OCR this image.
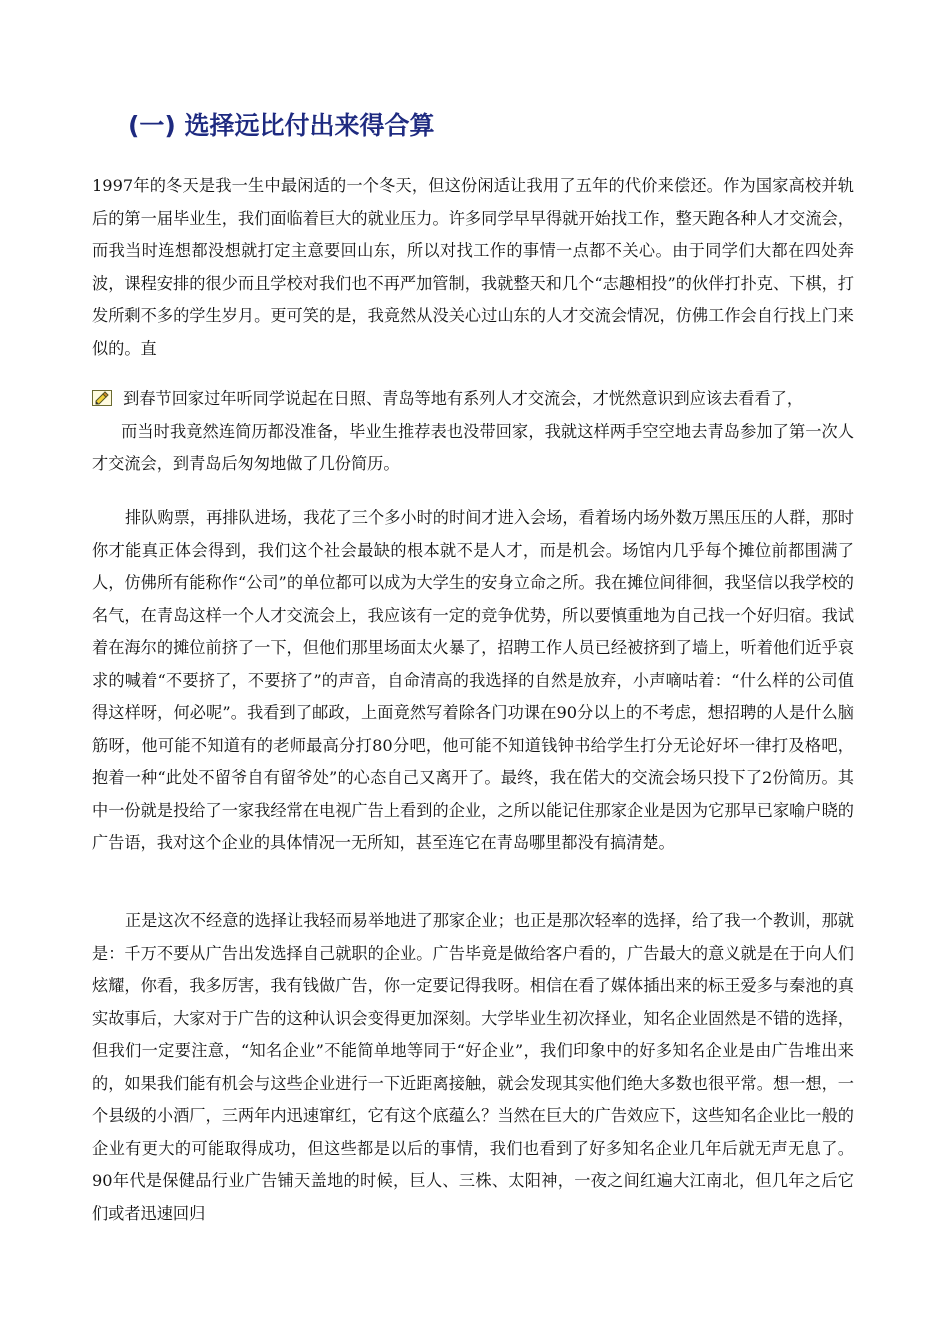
(一) 选择远比付出来得合算

1997年的冬天是我一生中最闲适的一个冬天，但这份闲适让我用了五年的代价来偿还。作为国家高校并轨后的第一届毕业生，我们面临着巨大的就业压力。许多同学早早得就开始找工作，整天跑各种人才交流会，而我当时连想都没想就打定主意要回山东，所以对找工作的事情一点都不关心。由于同学们大都在四处奔波，课程安排的很少而且学校对我们也不再严加管制，我就整天和几个“志趣相投”的伙伴打扑克、下棋，打发所剩不多的学生岁月。更可笑的是，我竟然从没关心过山东的人才交流会情况，仿佛工作会自行找上门来似的。直

到春节回家过年听同学说起在日照、青岛等地有系列人才交流会，才恍然意识到应该去看看了，
而当时我竟然连简历都没准备，毕业生推荐表也没带回家，我就这样两手空空地去青岛参加了第一次人才交流会，到青岛后匆匆地做了几份简历。

排队购票，再排队进场，我花了三个多小时的时间才进入会场，看着场内场外数万黑压压的人群，那时你才能真正体会得到，我们这个社会最缺的根本就不是人才，而是机会。场馆内几乎每个摊位前都围满了人，仿佛所有能称作“公司”的单位都可以成为大学生的安身立命之所。我在摊位间徘徊，我坚信以我学校的名气，在青岛这样一个人才交流会上，我应该有一定的竞争优势，所以要慎重地为自己找一个好归宿。我试着在海尔的摊位前挤了一下，但他们那里场面太火暴了，招聘工作人员已经被挤到了墙上，听着他们近乎哀求的喊着“不要挤了，不要挤了”的声音，自命清高的我选择的自然是放弃，小声嘀咕着：“什么样的公司值得这样呀，何必呢”。我看到了邮政，上面竟然写着除各门功课在90分以上的不考虑，想招聘的人是什么脑筋呀，他可能不知道有的老师最高分打80分吧，他可能不知道钱钟书给学生打分无论好坏一律打及格吧，抱着一种“此处不留爷自有留爷处”的心态自己又离开了。最终，我在偌大的交流会场只投下了2份简历。其中一份就是投给了一家我经常在电视广告上看到的企业，之所以能记住那家企业是因为它那早已家喻户晓的广告语，我对这个企业的具体情况一无所知，甚至连它在青岛哪里都没有搞清楚。

正是这次不经意的选择让我轻而易举地进了那家企业；也正是那次轻率的选择，给了我一个教训，那就是：千万不要从广告出发选择自己就职的企业。广告毕竟是做给客户看的，广告最大的意义就是在于向人们炫耀，你看，我多厉害，我有钱做广告，你一定要记得我呀。相信在看了媒体插出来的标王爱多与秦池的真实故事后，大家对于广告的这种认识会变得更加深刻。大学毕业生初次择业，知名企业固然是不错的选择，但我们一定要注意，“知名企业”不能简单地等同于“好企业”，我们印象中的好多知名企业是由广告堆出来的，如果我们能有机会与这些企业进行一下近距离接触，就会发现其实他们绝大多数也很平常。想一想，一个县级的小酒厂，三两年内迅速窜红，它有这个底蕴么？当然在巨大的广告效应下，这些知名企业比一般的企业有更大的可能取得成功，但这些都是以后的事情，我们也看到了好多知名企业几年后就无声无息了。90年代是保健品行业广告铺天盖地的时候，巨人、三株、太阳神，一夜之间红遍大江南北，但几年之后它们或者迅速回归
